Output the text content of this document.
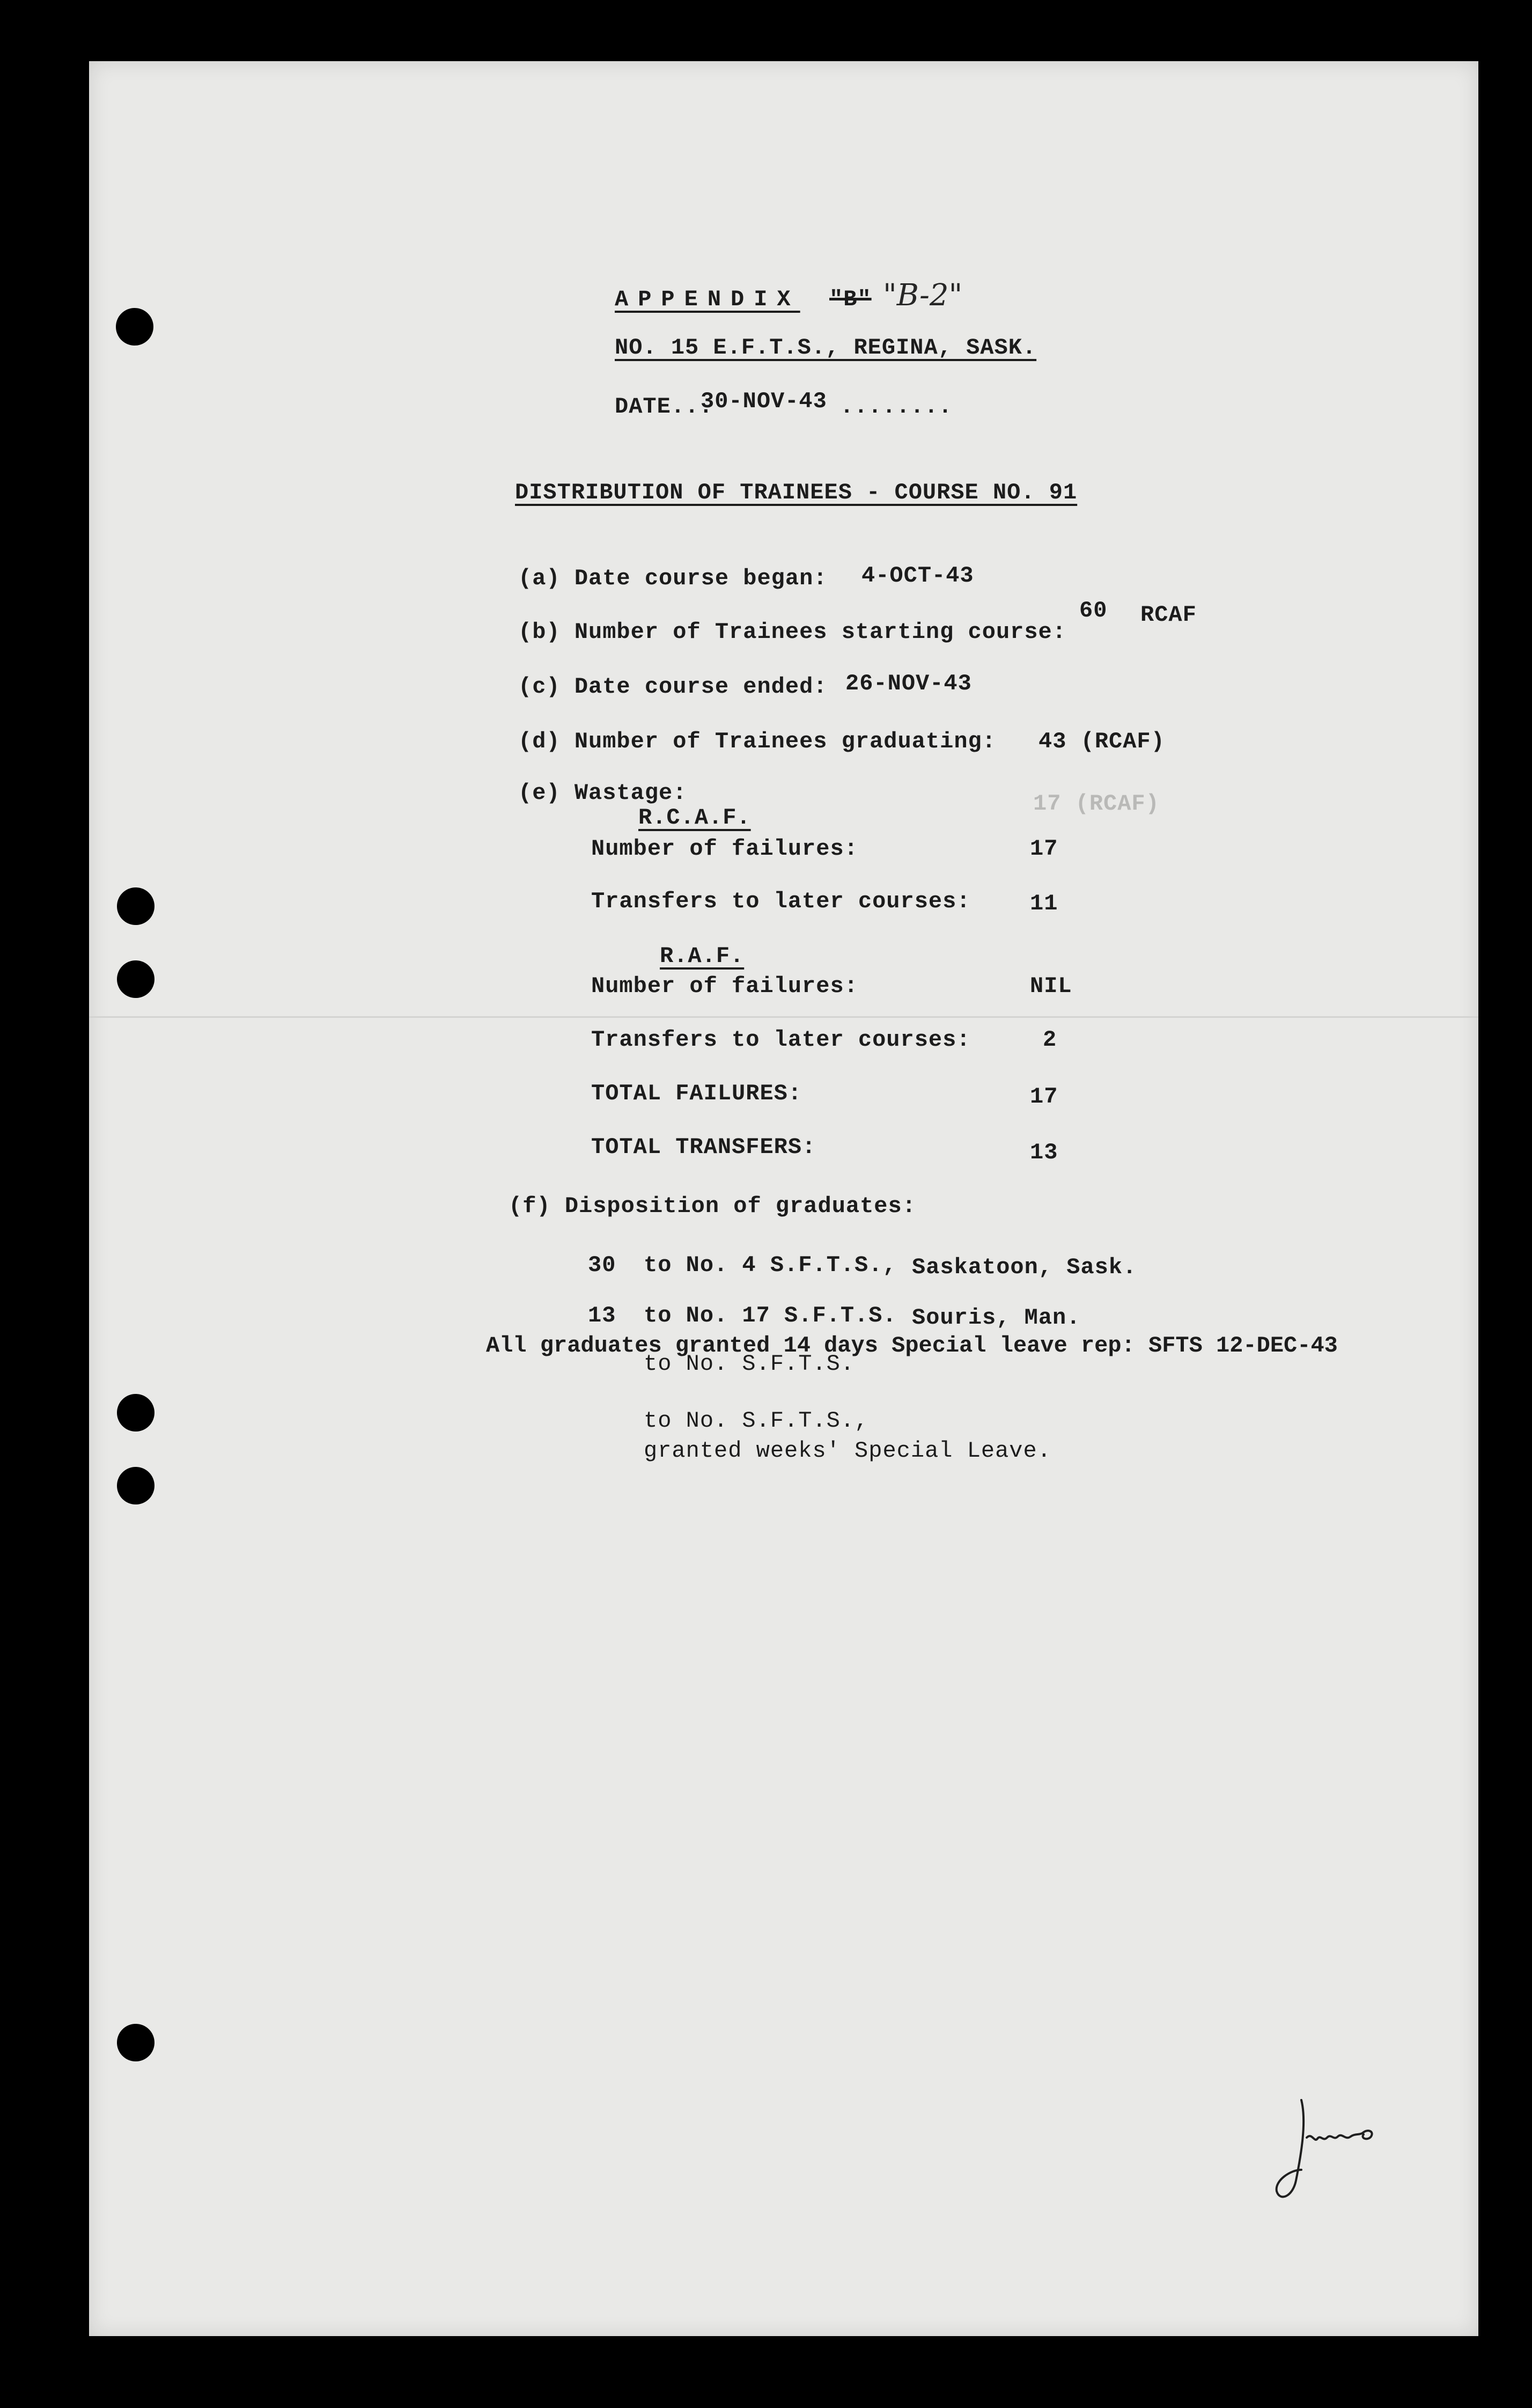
APPENDIX "B" "B-2"
NO. 15 E.F.T.S., REGINA, SASK.
DATE...
30-NOV-43 ........
DISTRIBUTION OF TRAINEES - COURSE NO. 91
(a) Date course began: 4-OCT-43
(b) Number of Trainees starting course:
60 RCAF
(c) Date course ended: 26-NOV-43
(d) Number of Trainees graduating: 43 (RCAF)
(e) Wastage:	17 (RCAF)
R.C.A.F.
Number of failures:	17
Transfers to later courses:	11
R.A.F.
Number of failures:	NIL
Transfers to later courses:	2
TOTAL FAILURES:	17
TOTAL TRANSFERS:	13
(f) Disposition of graduates:
30 to No. 4 S.F.T.S., Saskatoon, Sask.
13 to No. 17 S.F.T.S. Souris, Man.
All graduates granted 14 days Special leave rep: SFTS 12-DEC-43
to No. S.F.T.S.
to No. S.F.T.S.,
granted weeks' Special Leave.
